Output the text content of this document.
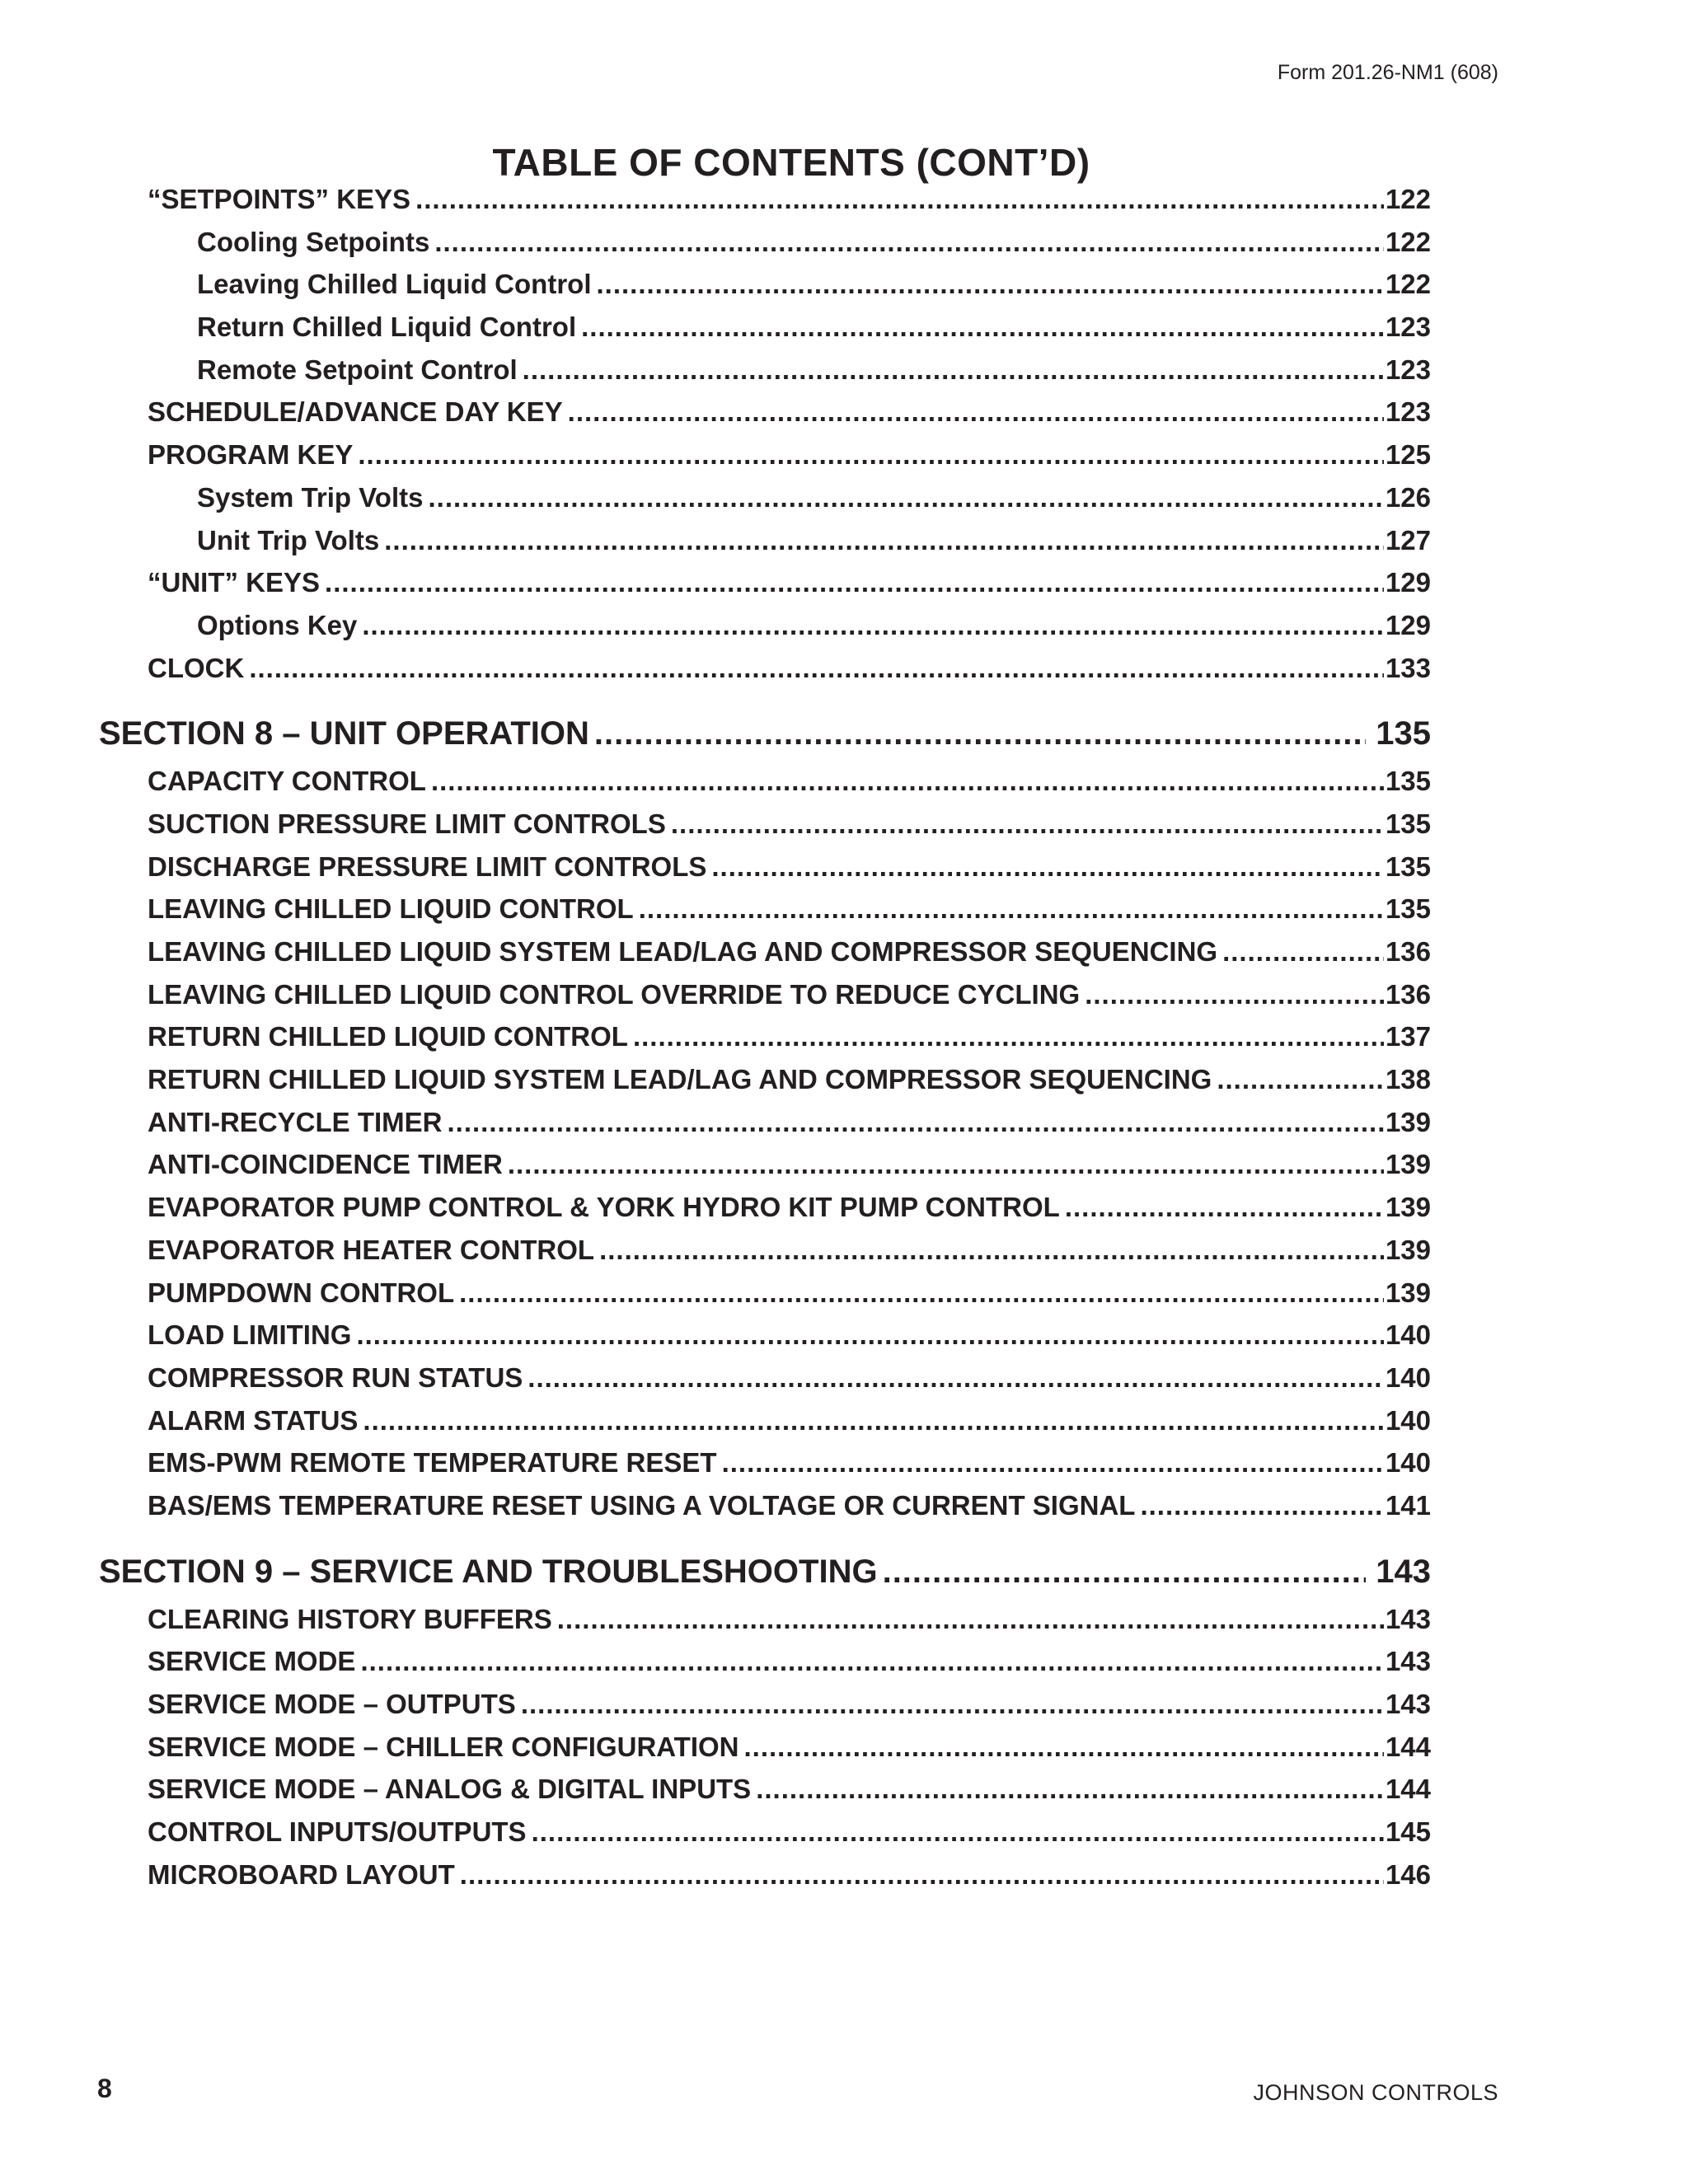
Form 201.26-NM1 (608)
TABLE OF CONTENTS (CONT’D)
“SETPOINTS” KEYS .....	122
Cooling Setpoints .....	122
Leaving Chilled Liquid Control .....	122
Return Chilled Liquid Control .....	123
Remote Setpoint Control .....	123
SCHEDULE/ADVANCE DAY KEY .....	123
PROGRAM KEY .....	125
System Trip Volts .....	126
Unit Trip Volts .....	127
“UNIT” KEYS .....	129
Options Key .....	129
CLOCK .....	133
SECTION 8 – UNIT OPERATION .....	135
CAPACITY CONTROL .....	135
SUCTION PRESSURE LIMIT CONTROLS .....	135
DISCHARGE PRESSURE LIMIT CONTROLS .....	135
LEAVING CHILLED LIQUID CONTROL .....	135
LEAVING CHILLED LIQUID SYSTEM LEAD/LAG AND COMPRESSOR SEQUENCING .....	136
LEAVING CHILLED LIQUID CONTROL OVERRIDE TO REDUCE CYCLING .....	136
RETURN CHILLED LIQUID CONTROL .....	137
RETURN CHILLED LIQUID SYSTEM LEAD/LAG AND COMPRESSOR SEQUENCING .....	138
ANTI-RECYCLE TIMER .....	139
ANTI-COINCIDENCE TIMER .....	139
EVAPORATOR PUMP CONTROL & YORK HYDRO KIT PUMP CONTROL .....	139
EVAPORATOR HEATER CONTROL .....	139
PUMPDOWN CONTROL .....	139
LOAD LIMITING .....	140
COMPRESSOR RUN STATUS .....	140
ALARM STATUS .....	140
EMS-PWM REMOTE TEMPERATURE RESET .....	140
BAS/EMS TEMPERATURE RESET USING A VOLTAGE OR CURRENT SIGNAL .....	141
SECTION 9 – SERVICE AND TROUBLESHOOTING .....	143
CLEARING HISTORY BUFFERS .....	143
SERVICE MODE .....	143
SERVICE MODE – OUTPUTS .....	143
SERVICE MODE – CHILLER CONFIGURATION .....	144
SERVICE MODE – ANALOG & DIGITAL INPUTS .....	144
CONTROL INPUTS/OUTPUTS .....	145
MICROBOARD LAYOUT .....	146
8	JOHNSON CONTROLS
